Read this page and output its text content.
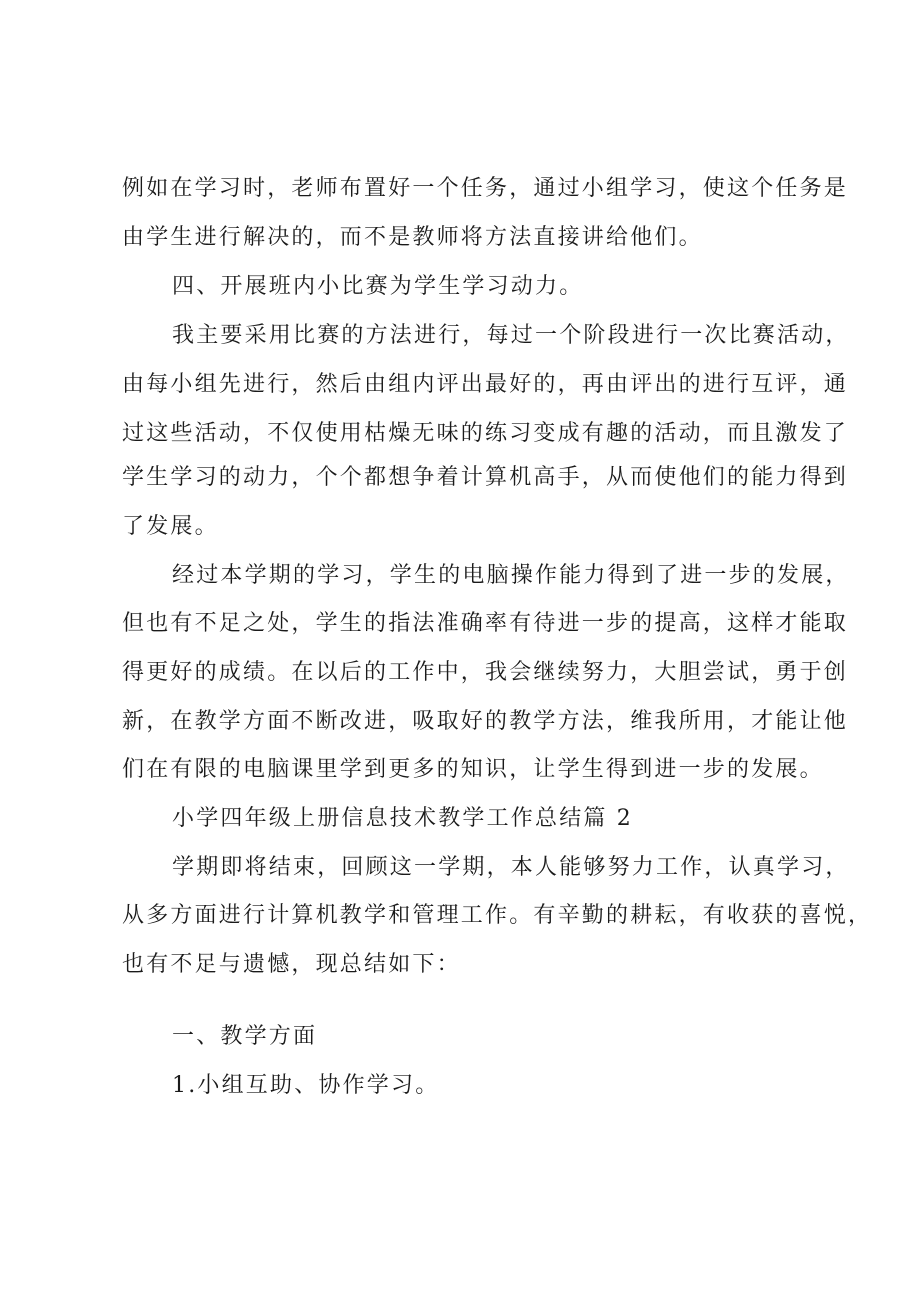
例如在学习时，老师布置好一个任务，通过小组学习，使这个任务是
由学生进行解决的，而不是教师将方法直接讲给他们。
四、开展班内小比赛为学生学习动力。
我主要采用比赛的方法进行，每过一个阶段进行一次比赛活动，
由每小组先进行，然后由组内评出最好的，再由评出的进行互评，通
过这些活动，不仅使用枯燥无味的练习变成有趣的活动，而且激发了
学生学习的动力，个个都想争着计算机高手，从而使他们的能力得到
了发展。
经过本学期的学习，学生的电脑操作能力得到了进一步的发展，
但也有不足之处，学生的指法准确率有待进一步的提高，这样才能取
得更好的成绩。在以后的工作中，我会继续努力，大胆尝试，勇于创
新，在教学方面不断改进，吸取好的教学方法，维我所用，才能让他
们在有限的电脑课里学到更多的知识，让学生得到进一步的发展。
小学四年级上册信息技术教学工作总结篇 2
学期即将结束，回顾这一学期，本人能够努力工作，认真学习，
从多方面进行计算机教学和管理工作。有辛勤的耕耘，有收获的喜悦，
也有不足与遗憾，现总结如下：
一、教学方面
1.小组互助、协作学习。
